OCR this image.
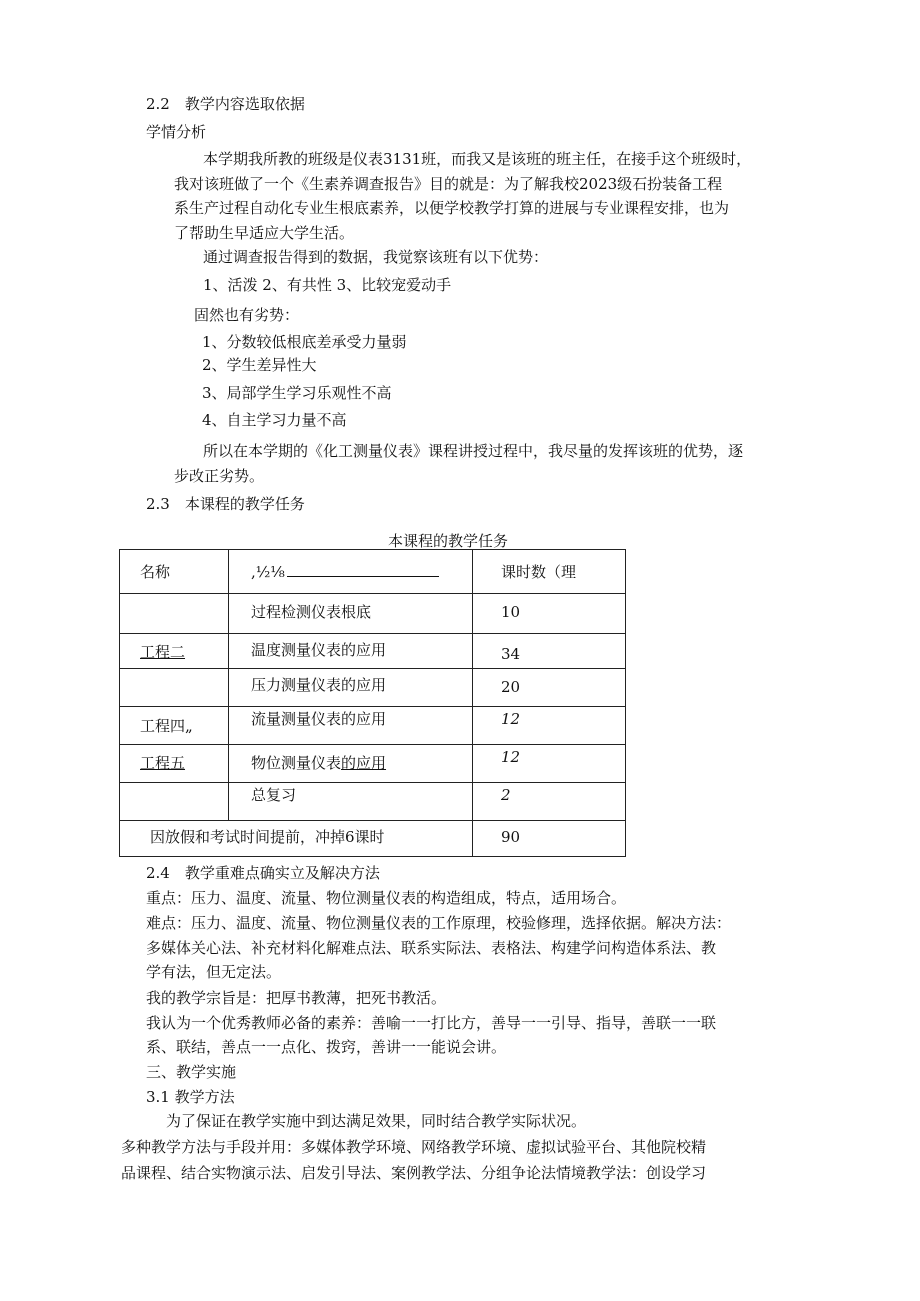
2.2　教学内容选取依据
学情分析
本学期我所教的班级是仪表3131班，而我又是该班的班主任，在接手这个班级时，
我对该班做了一个《生素养调查报告》目的就是：为了解我校2023级石扮装备工程
系生产过程自动化专业生根底素养，以便学校教学打算的进展与专业课程安排，也为
了帮助生早适应大学生活。
通过调查报告得到的数据，我觉察该班有以下优势：
1、活泼 2、有共性 3、比较宠爱动手
固然也有劣势：
1、分数较低根底差承受力量弱
2、学生差异性大
3、局部学生学习乐观性不高
4、自主学习力量不高
所以在本学期的《化工测量仪表》课程讲授过程中，我尽量的发挥该班的优势，逐
步改正劣势。
2.3　本课程的教学任务
本课程的教学任务
名称	,½⅛	课时数（理
	过程检测仪表根底	10
工程二	温度测量仪表的应用	34
	压力测量仪表的应用	20
工程四„	流量测量仪表的应用	12
工程五	物位测量仪表的应用	12
	总复习	2
因放假和考试时间提前，冲掉6课时		90
2.4　教学重难点确实立及解决方法
重点：压力、温度、流量、物位测量仪表的构造组成，特点，适用场合。
难点：压力、温度、流量、物位测量仪表的工作原理，校验修理，选择依据。解决方法：
多媒体关心法、补充材料化解难点法、联系实际法、表格法、构建学问构造体系法、教
学有法，但无定法。
我的教学宗旨是：把厚书教薄，把死书教活。
我认为一个优秀教师必备的素养：善喻一一打比方，善导一一引导、指导，善联一一联
系、联结，善点一一点化、拨窍，善讲一一能说会讲。
三、教学实施
3.1 教学方法
为了保证在教学实施中到达满足效果，同时结合教学实际状况。
多种教学方法与手段并用：多媒体教学环境、网络教学环境、虚拟试验平台、其他院校精
品课程、结合实物演示法、启发引导法、案例教学法、分组争论法情境教学法：创设学习
